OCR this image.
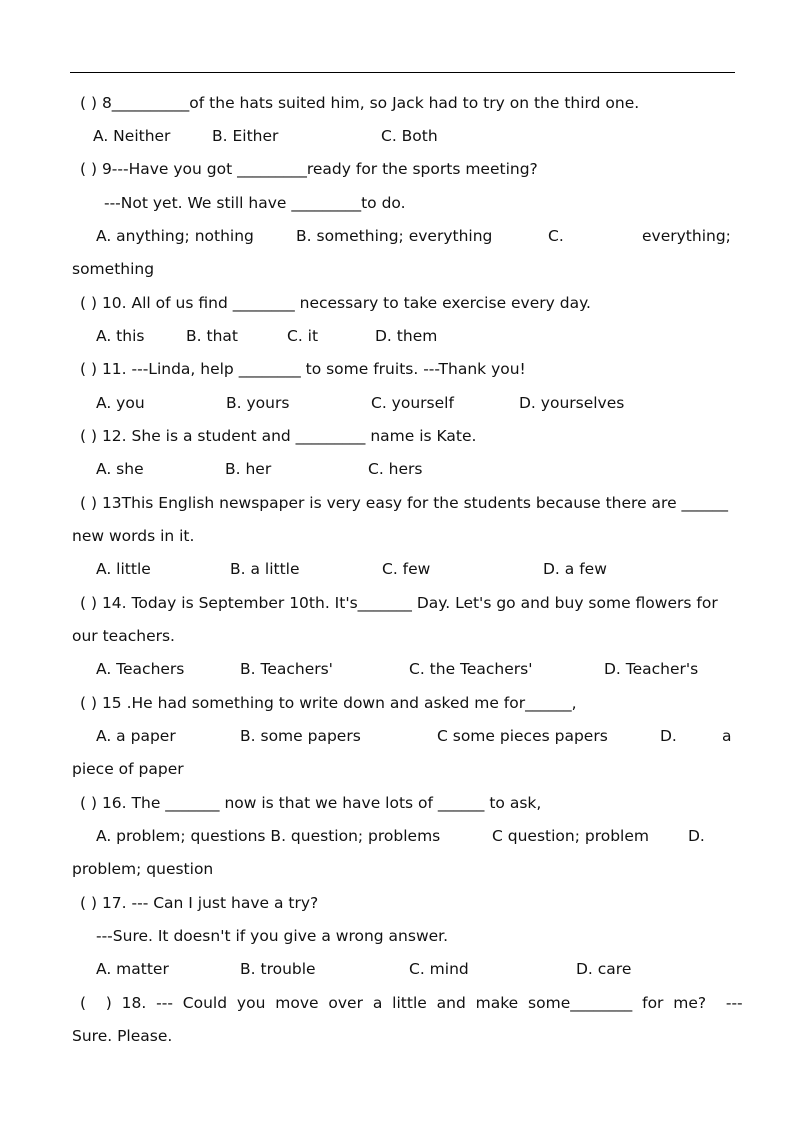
( ) 8__________of the hats suited him, so Jack had to try on the third one.
A. Neither	B. Either	C. Both
( ) 9---Have you got _________ready for the sports meeting?
---Not yet. We still have _________to do.
A. anything; nothing	B. something; everything	C.	everything;
something
( ) 10. All of us find ________ necessary to take exercise every day.
A. this	B. that	C. it	D. them
( ) 11. ---Linda, help ________ to some fruits. ---Thank you!
A. you	B. yours	C. yourself	D. yourselves
( ) 12. She is a student and _________ name is Kate.
A. she	B. her	C. hers
( ) 13This English newspaper is very easy for the students because there are ______
new words in it.
A. little	B. a little	C. few	D. a few
( ) 14. Today is September 10th. It's_______ Day. Let's go and buy some flowers for
our teachers.
A. Teachers	B. Teachers'	C. the Teachers'	D. Teacher's
( ) 15 .He had something to write down and asked me for______,
A. a paper	B. some papers	C some pieces papers	D.	a
piece of paper
( ) 16. The _______ now is that we have lots of ______ to ask,
A. problem; questions B. question; problems	C question; problem	D.
problem; question
( ) 17. --- Can I just have a try?
---Sure. It doesn't if you give a wrong answer.
A. matter	B. trouble	C. mind	D. care
(    )  18.  ---  Could  you  move  over  a  little  and  make  some________  for  me?    ---
Sure. Please.
